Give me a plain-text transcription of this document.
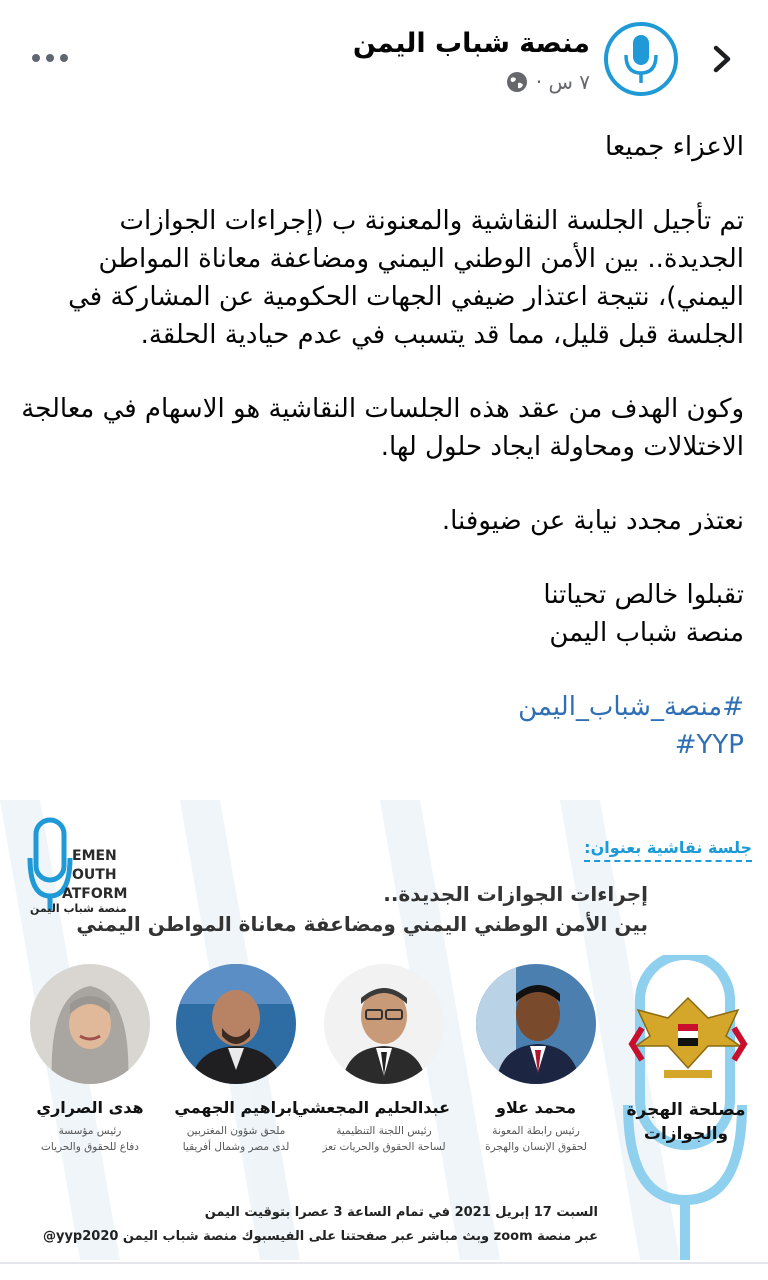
منصة شباب اليمن
٧ س ·
الاعزاء جميعا
تم تأجيل الجلسة النقاشية والمعنونة ب (إجراءات الجوازات
الجديدة.. بين الأمن الوطني اليمني ومضاعفة معاناة المواطن
اليمني)، نتيجة اعتذار ضيفي الجهات الحكومية عن المشاركة في
الجلسة قبل قليل، مما قد يتسبب في عدم حيادية الحلقة.
وكون الهدف من عقد هذه الجلسات النقاشية هو الاسهام في معالجة
الاختلالات ومحاولة ايجاد حلول لها.
نعتذر مجدد نيابة عن ضيوفنا.
تقبلوا خالص تحياتنا
منصة شباب اليمن
#منصة_شباب_اليمن
YYP#
EMEN
OUTH
ATFORM
منصة شباب اليمن
جلسة نقاشية بعنوان:
إجراءات الجوازات الجديدة..
بين الأمن الوطني اليمني ومضاعفة معاناة المواطن اليمني
مصلحة الهجرة
والجوازات
محمد علاو
رئيس رابطة المعونة
لحقوق الإنسان والهجرة
عبدالحليم المجعشي
رئيس اللجنة التنظيمية
لساحة الحقوق والحريات تعز
ابراهيم الجهمي
ملحق شؤون المغتربين
لدى مصر وشمال أفريقيا
هدى الصراري
رئيس مؤسسة
دفاع للحقوق والحريات
السبت 17 إبريل 2021 في تمام الساعة 3 عصرا بتوقيت اليمن
عبر منصة zoom وبث مباشر عبر صفحتنا على الفيسبوك منصة شباب اليمن yyp2020@
